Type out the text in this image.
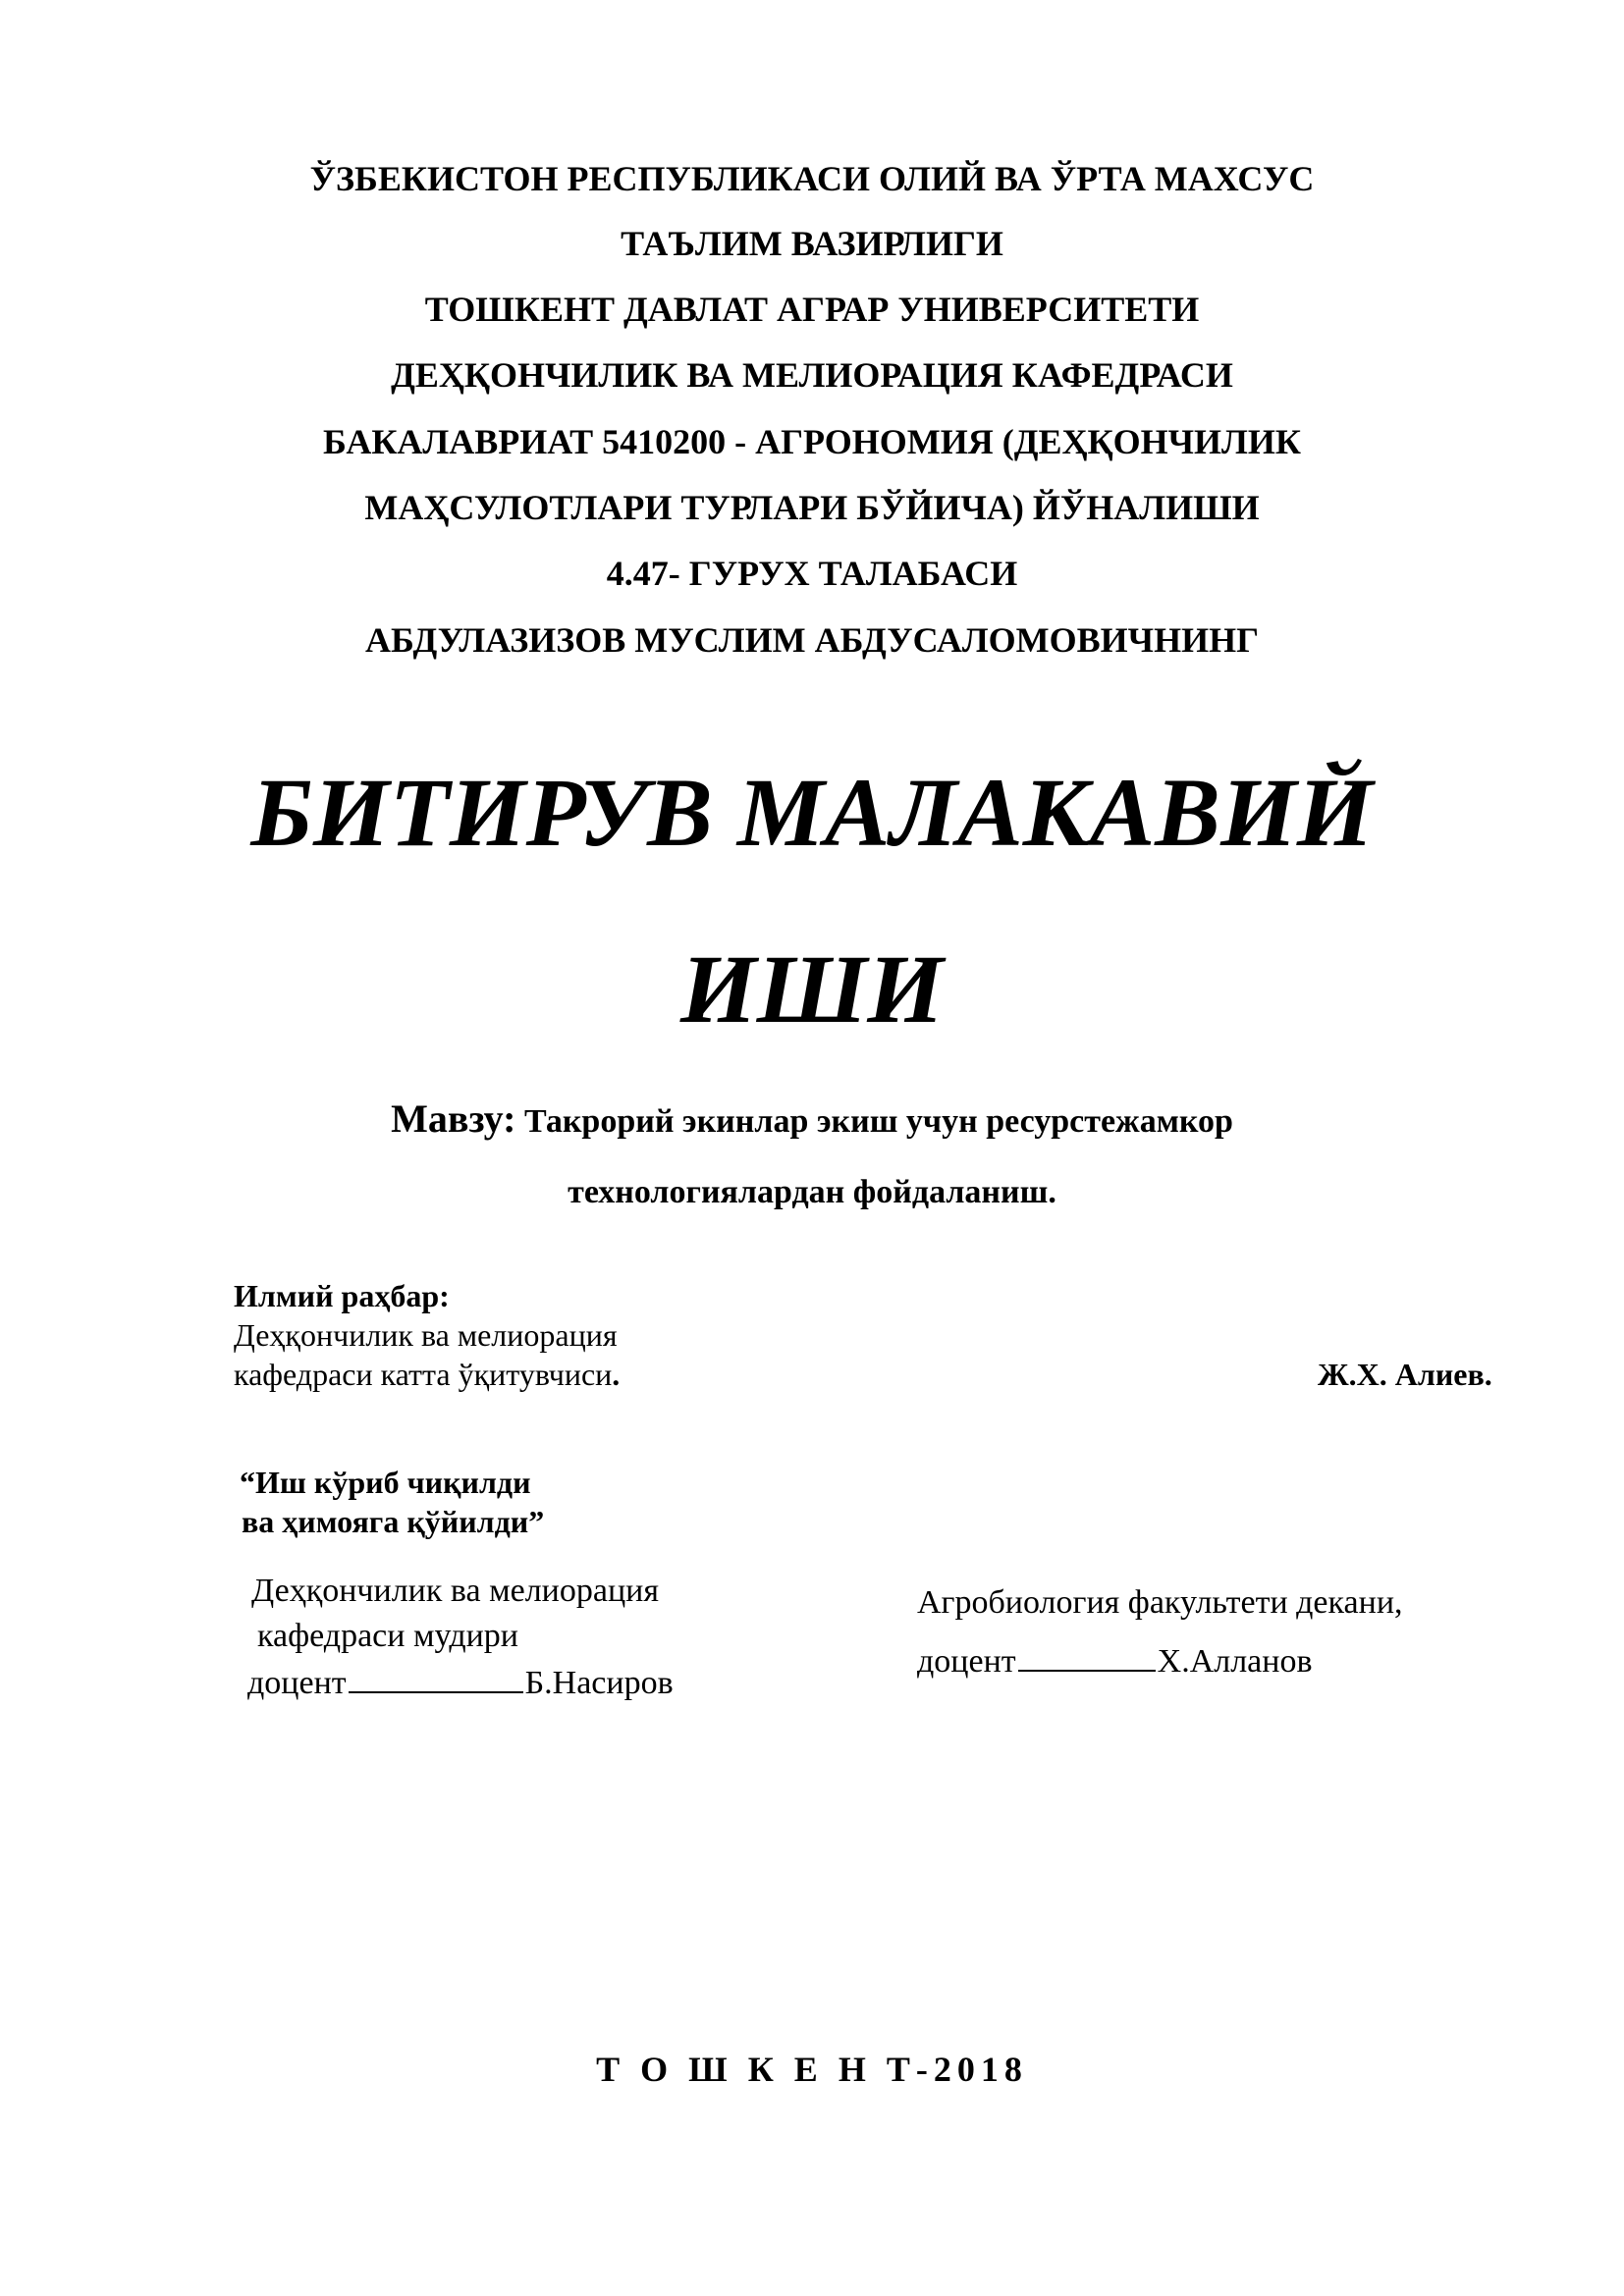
ЎЗБЕКИСТОН РЕСПУБЛИКАСИ ОЛИЙ ВА ЎРТА МАХСУС
ТАЪЛИМ ВАЗИРЛИГИ
ТОШКЕНТ ДАВЛАТ АГРАР УНИВЕРСИТЕТИ
ДЕҲҚОНЧИЛИК ВА МЕЛИОРАЦИЯ КАФЕДРАСИ
БАКАЛАВРИАТ 5410200 - АГРОНОМИЯ (ДЕҲҚОНЧИЛИК
МАҲСУЛОТЛАРИ ТУРЛАРИ БЎЙИЧА) ЙЎНАЛИШИ
4.47- ГУРУХ ТАЛАБАСИ
АБДУЛАЗИЗОВ МУСЛИМ АБДУСАЛОМОВИЧНИНГ
БИТИРУВ МАЛАКАВИЙ
ИШИ
Мавзу: Такрорий экинлар экиш учун ресурстежамкор
технологиялардан фойдаланиш.
Илмий раҳбар:
Деҳқончилик ва мелиорация
кафедраси катта ўқитувчиси.	Ж.Х. Алиев.
“Иш кўриб чиқилди
ва ҳимояга қўйилди”
Деҳқончилик ва мелиорация
кафедраси мудири
доцент	Б.Насиров
Агробиология факультети декани,
доцент	Х.Алланов
Т О Ш К Е Н Т-2018
